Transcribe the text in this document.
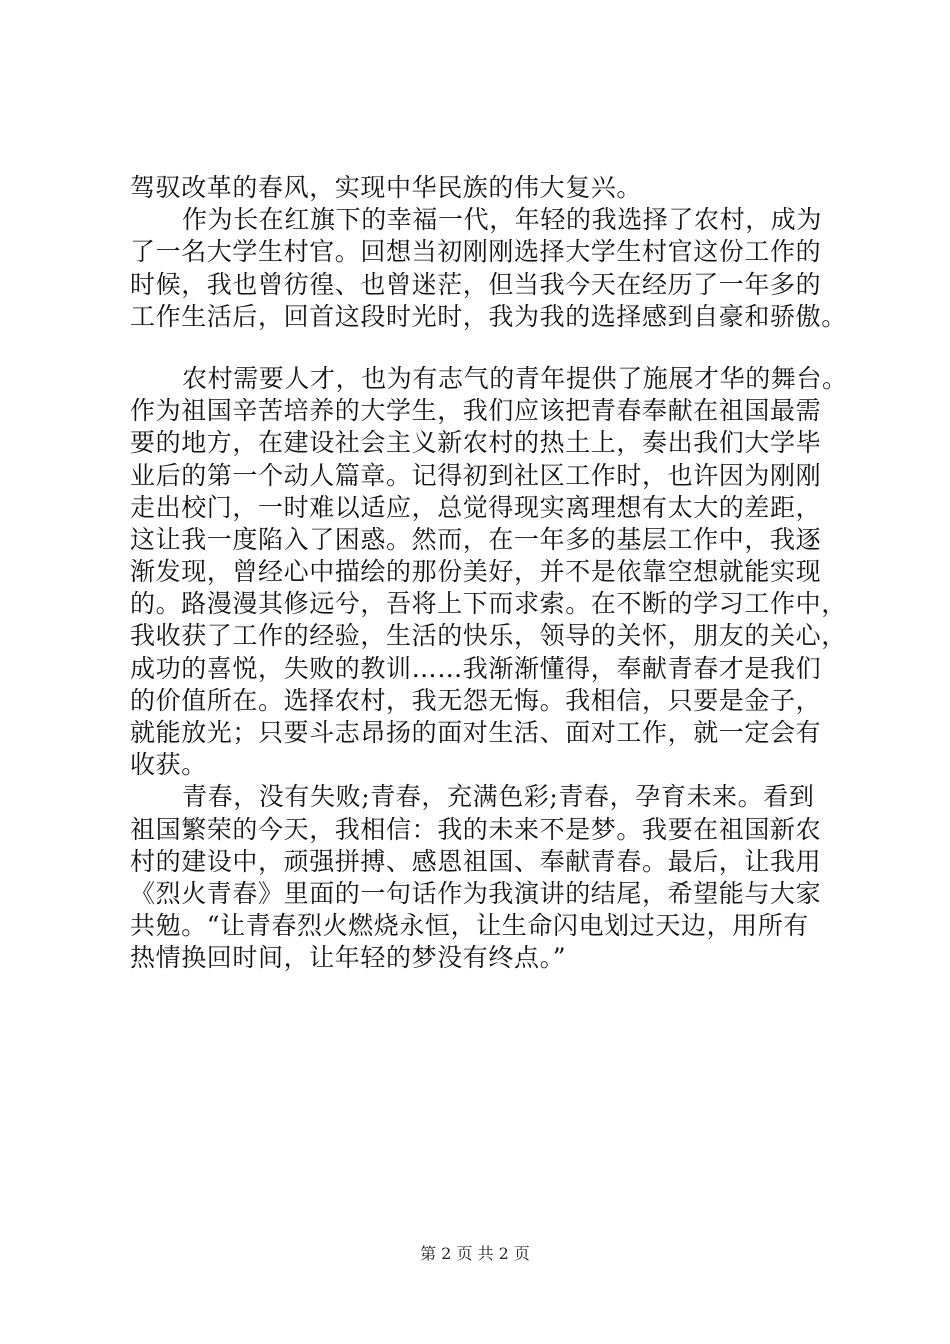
驾驭改革的春风，实现中华民族的伟大复兴。
作为长在红旗下的幸福一代，年轻的我选择了农村，成为
了一名大学生村官。回想当初刚刚选择大学生村官这份工作的
时候，我也曾彷徨、也曾迷茫，但当我今天在经历了一年多的
工作生活后，回首这段时光时，我为我的选择感到自豪和骄傲。
农村需要人才，也为有志气的青年提供了施展才华的舞台。
作为祖国辛苦培养的大学生，我们应该把青春奉献在祖国最需
要的地方，在建设社会主义新农村的热土上，奏出我们大学毕
业后的第一个动人篇章。记得初到社区工作时，也许因为刚刚
走出校门，一时难以适应，总觉得现实离理想有太大的差距，
这让我一度陷入了困惑。然而，在一年多的基层工作中，我逐
渐发现，曾经心中描绘的那份美好，并不是依靠空想就能实现
的。路漫漫其修远兮，吾将上下而求索。在不断的学习工作中，
我收获了工作的经验，生活的快乐，领导的关怀，朋友的关心，
成功的喜悦，失败的教训……我渐渐懂得，奉献青春才是我们
的价值所在。选择农村，我无怨无悔。我相信，只要是金子，
就能放光；只要斗志昂扬的面对生活、面对工作，就一定会有
收获。
青春，没有失败;青春，充满色彩;青春，孕育未来。看到
祖国繁荣的今天，我相信：我的未来不是梦。我要在祖国新农
村的建设中，顽强拼搏、感恩祖国、奉献青春。最后，让我用
《烈火青春》里面的一句话作为我演讲的结尾，希望能与大家
共勉。“让青春烈火燃烧永恒，让生命闪电划过天边，用所有
热情换回时间，让年轻的梦没有终点。”
第 2 页 共 2 页
